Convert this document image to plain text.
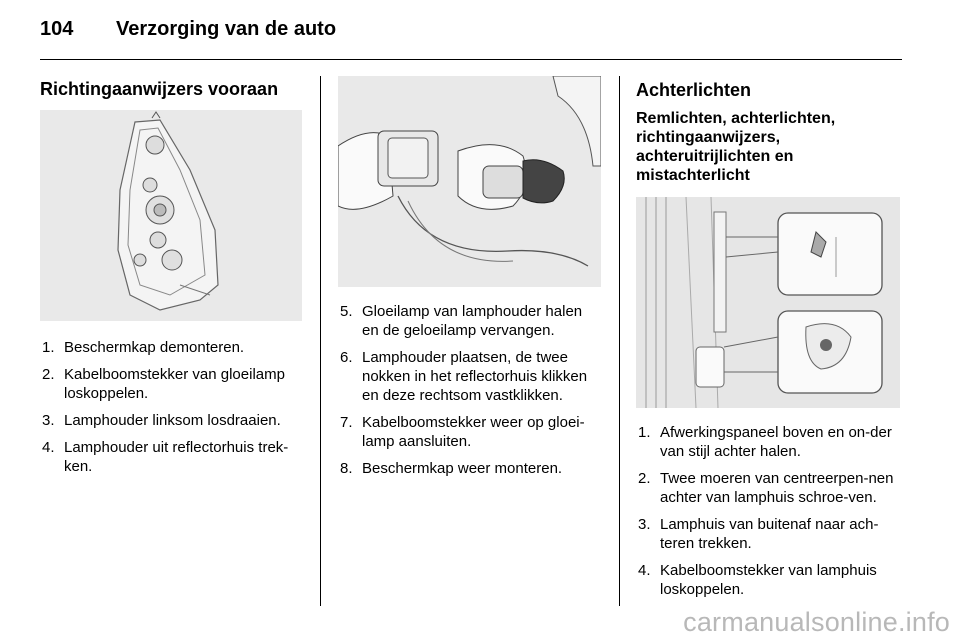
104 Verzorging van de auto
Richtingaanwijzers vooraan
1. Beschermkap demonteren.
2. Kabelboomstekker van gloeilamp loskoppelen.
3. Lamphouder linksom losdraaien.
4. Lamphouder uit reflectorhuis trek-ken.
5. Gloeilamp van lamphouder halen en de geloeilamp vervangen.
6. Lamphouder plaatsen, de twee nokken in het reflectorhuis klikken en deze rechtsom vastklikken.
7. Kabelboomstekker weer op gloei-lamp aansluiten.
8. Beschermkap weer monteren.
Achterlichten
Remlichten, achterlichten, richtingaanwijzers, achteruitrijlichten en mistachterlicht
1. Afwerkingspaneel boven en on-der van stijl achter halen.
2. Twee moeren van centreerpen-nen achter van lamphuis schroe-ven.
3. Lamphuis van buitenaf naar ach-teren trekken.
4. Kabelboomstekker van lamphuis loskoppelen.
carmanualsonline.info
